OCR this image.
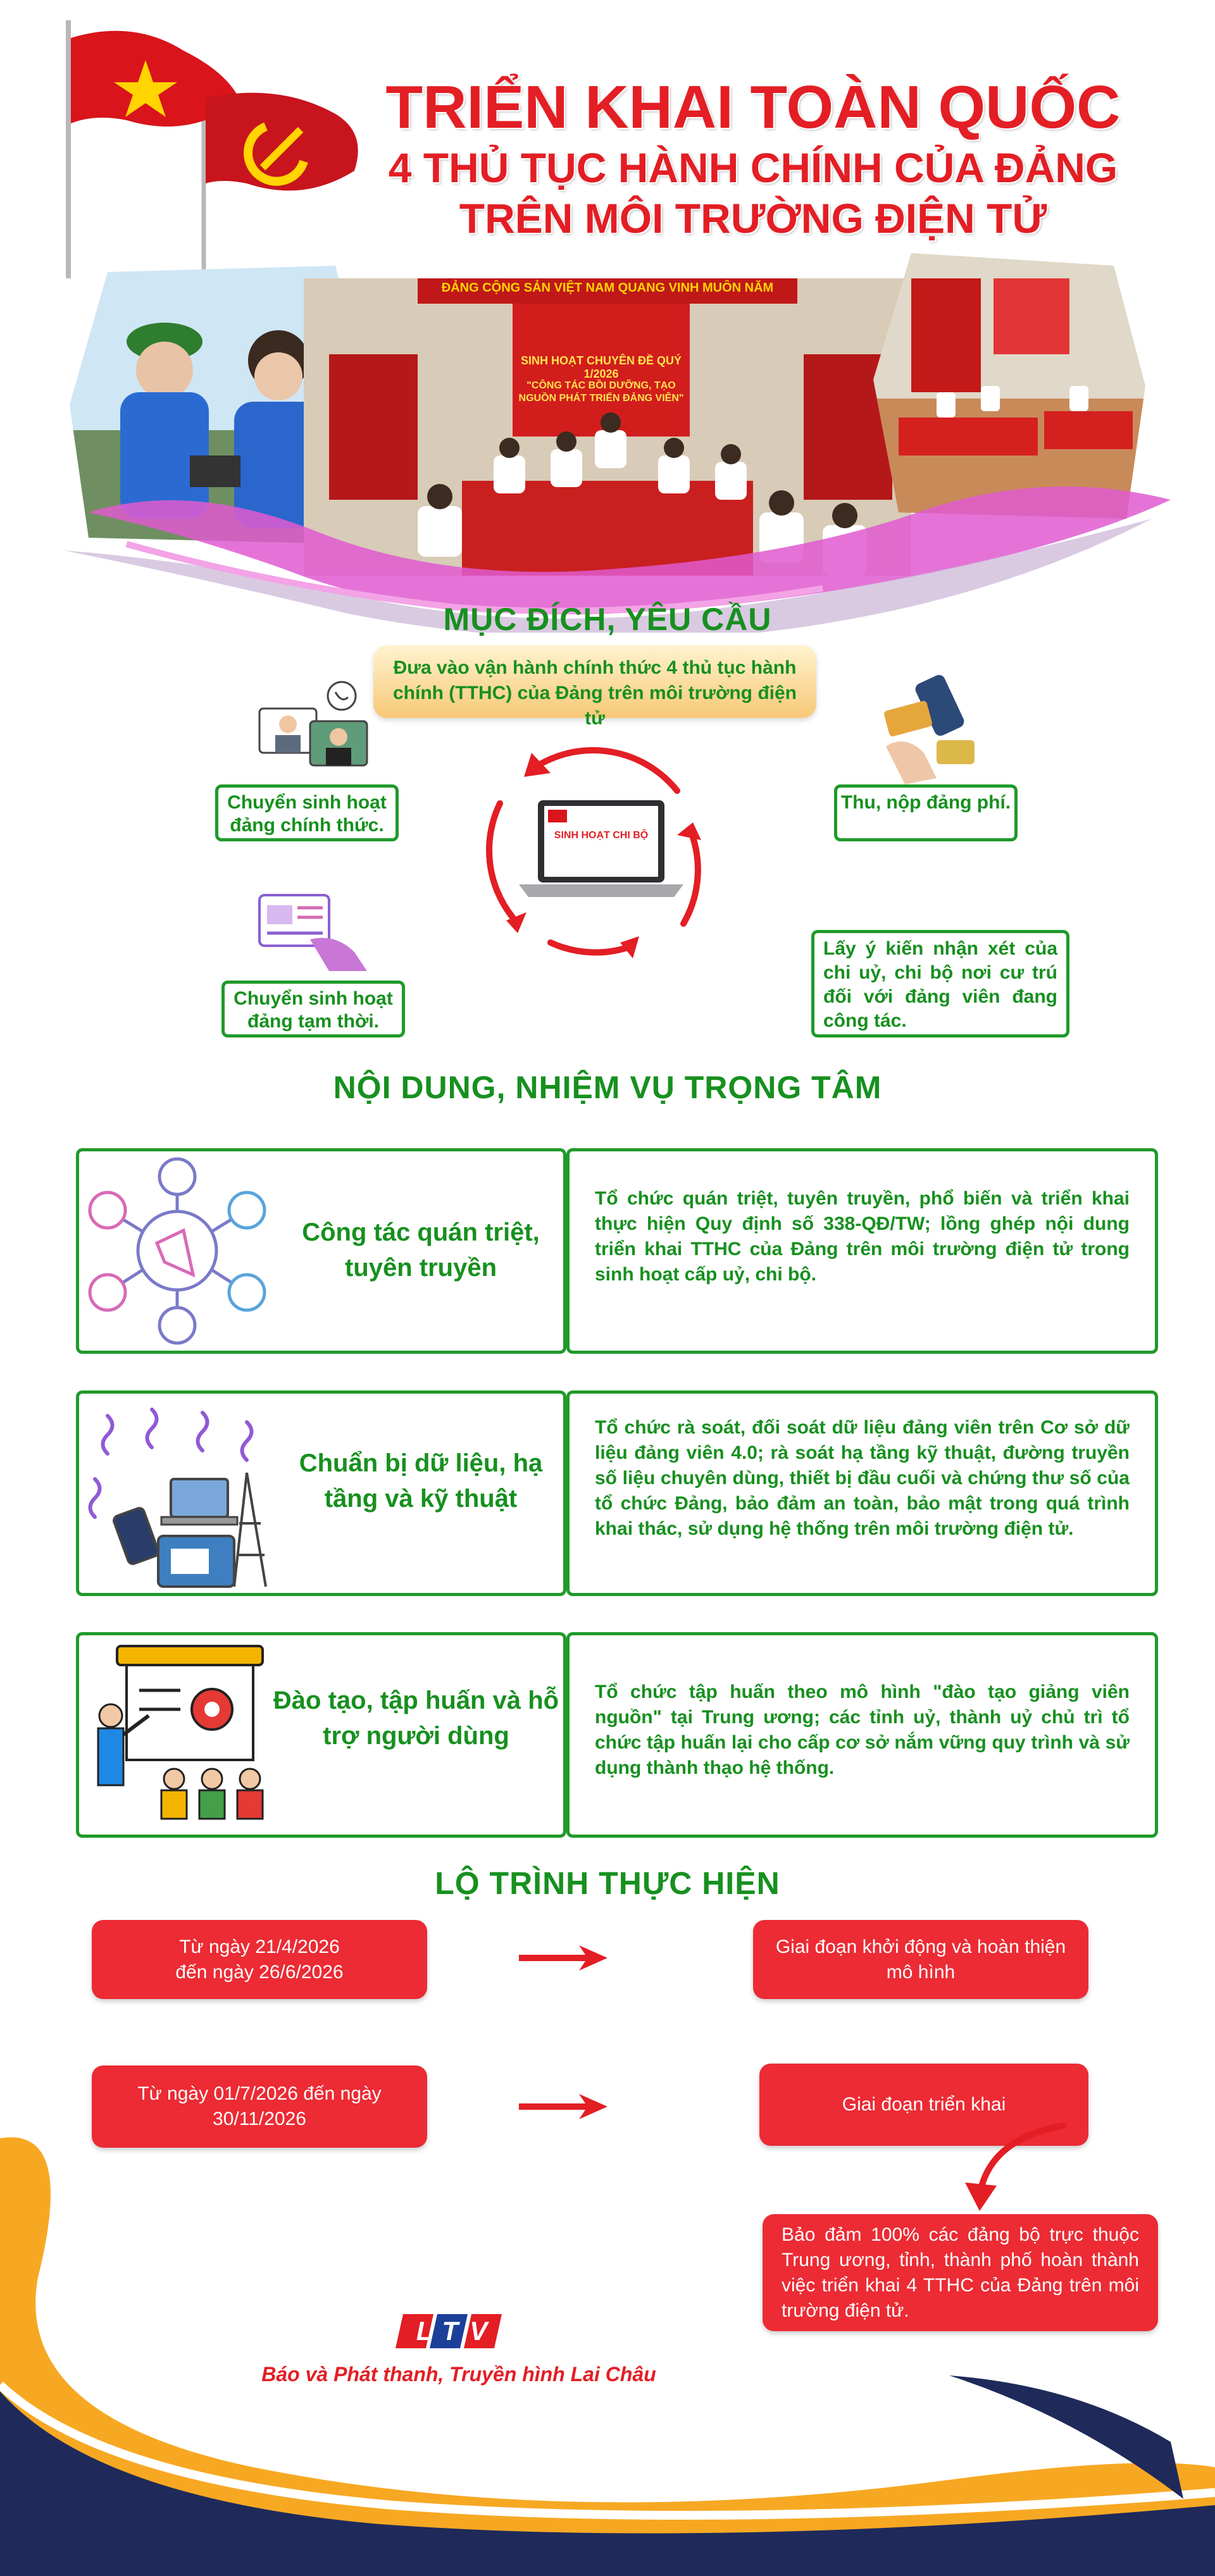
TRIỂN KHAI TOÀN QUỐC
4 THỦ TỤC HÀNH CHÍNH CỦA ĐẢNG
TRÊN MÔI TRƯỜNG ĐIỆN TỬ
ĐẢNG CỘNG SẢN VIỆT NAM QUANG VINH MUÔN NĂM
SINH HOẠT CHUYÊN ĐỀ QUÝ 1/2026
"CÔNG TÁC BỒI DƯỠNG, TẠO NGUỒN PHÁT TRIỂN ĐẢNG VIÊN"
MỤC ĐÍCH, YÊU CẦU
Đưa vào vận hành chính thức 4 thủ tục hành chính (TTHC) của Đảng trên môi trường điện tử
SINH HOẠT CHI BỘ
Chuyển sinh hoạt đảng chính thức.
Thu, nộp đảng phí.
Chuyển sinh hoạt đảng tạm thời.
Lấy ý kiến nhận xét của chi uỷ, chi bộ nơi cư trú đối với đảng viên đang công tác.
NỘI DUNG, NHIỆM VỤ TRỌNG TÂM
Công tác quán triệt, tuyên truyền
Tổ chức quán triệt, tuyên truyền, phổ biến và triển khai thực hiện Quy định số 338-QĐ/TW; lồng ghép nội dung triển khai TTHC của Đảng trên môi trường điện tử trong sinh hoạt cấp uỷ, chi bộ.
Chuẩn bị dữ liệu, hạ tầng và kỹ thuật
Tổ chức rà soát, đối soát dữ liệu đảng viên trên Cơ sở dữ liệu đảng viên 4.0; rà soát hạ tầng kỹ thuật, đường truyền số liệu chuyên dùng, thiết bị đầu cuối và chứng thư số của tổ chức Đảng, bảo đảm an toàn, bảo mật trong quá trình khai thác, sử dụng hệ thống trên môi trường điện tử.
Đào tạo, tập huấn và hỗ trợ người dùng
Tổ chức tập huấn theo mô hình "đào tạo giảng viên nguồn" tại Trung ương; các tỉnh uỷ, thành uỷ chủ trì tổ chức tập huấn lại cho cấp cơ sở nắm vững quy trình và sử dụng thành thạo hệ thống.
LỘ TRÌNH THỰC HIỆN
Từ ngày 21/4/2026
đến ngày 26/6/2026
Giai đoạn khởi động và hoàn thiện mô hình
Từ ngày 01/7/2026 đến ngày
30/11/2026
Giai đoạn triển khai
Bảo đảm 100% các đảng bộ trực thuộc Trung ương, tỉnh, thành phố hoàn thành việc triển khai 4 TTHC của Đảng trên môi trường điện tử.
LTV
Báo và Phát thanh, Truyền hình Lai Châu
